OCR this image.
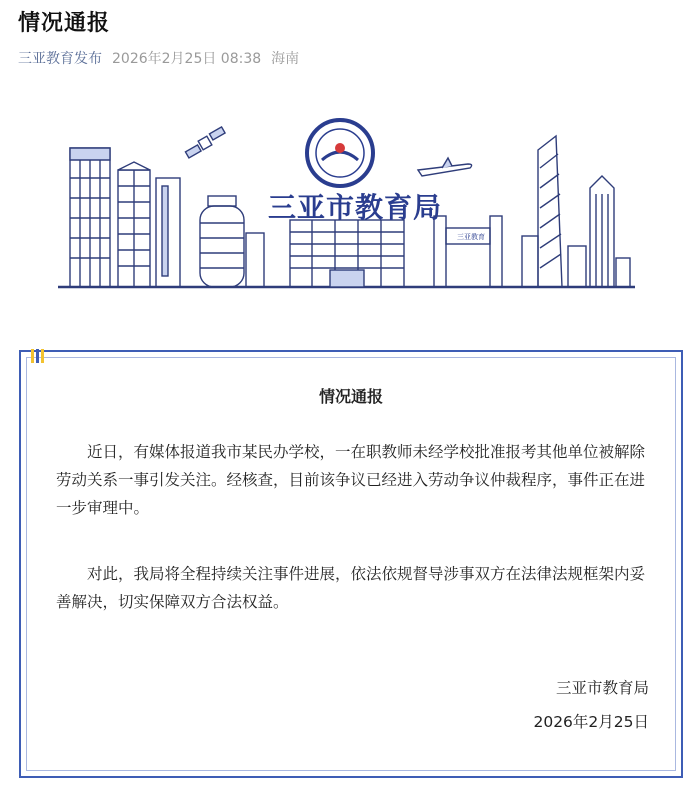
情况通报
三亚教育发布 2026年2月25日 08:38 海南
三亚教育
三亚市教育局
情况通报

近日，有媒体报道我市某民办学校，一在职教师未经学校批准报考其他单位被解除劳动关系一事引发关注。经核查，目前该争议已经进入劳动争议仲裁程序，事件正在进一步审理中。

对此，我局将全程持续关注事件进展，依法依规督导涉事双方在法律法规框架内妥善解决，切实保障双方合法权益。

三亚市教育局
2026年2月25日
